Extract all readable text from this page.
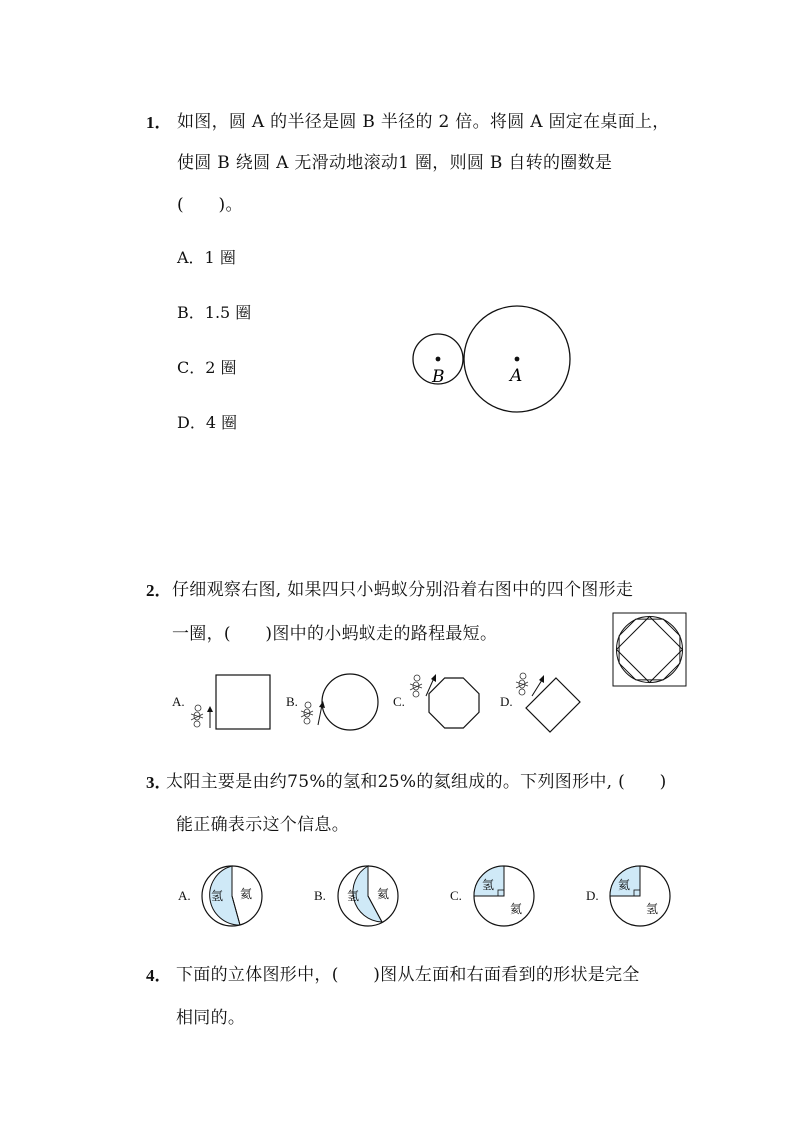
1． 如图，圆 A 的半径是圆 B 半径的 2 倍。将圆 A 固定在桌面上，
使圆 B 绕圆 A 无滑动地滚动1 圈，则圆 B 自转的圈数是
(　　)。
A．1 圈
B．1.5 圈
C．2 圈
D．4 圈
B	A
2． 仔细观察右图, 如果四只小蚂蚁分别沿着右图中的四个图形走
一圈，(　　)图中的小蚂蚁走的路程最短。
A.	B.	C.	D.
3．
太阳主要是由约75%的氢和25%的氦组成的。下列图形中, (　　)
能正确表示这个信息。
A. 氢 氦	B. 氢 氦	C.
氢
氦
D.
氦
氢
4． 下面的立体图形中，(　　)图从左面和右面看到的形状是完全
相同的。
